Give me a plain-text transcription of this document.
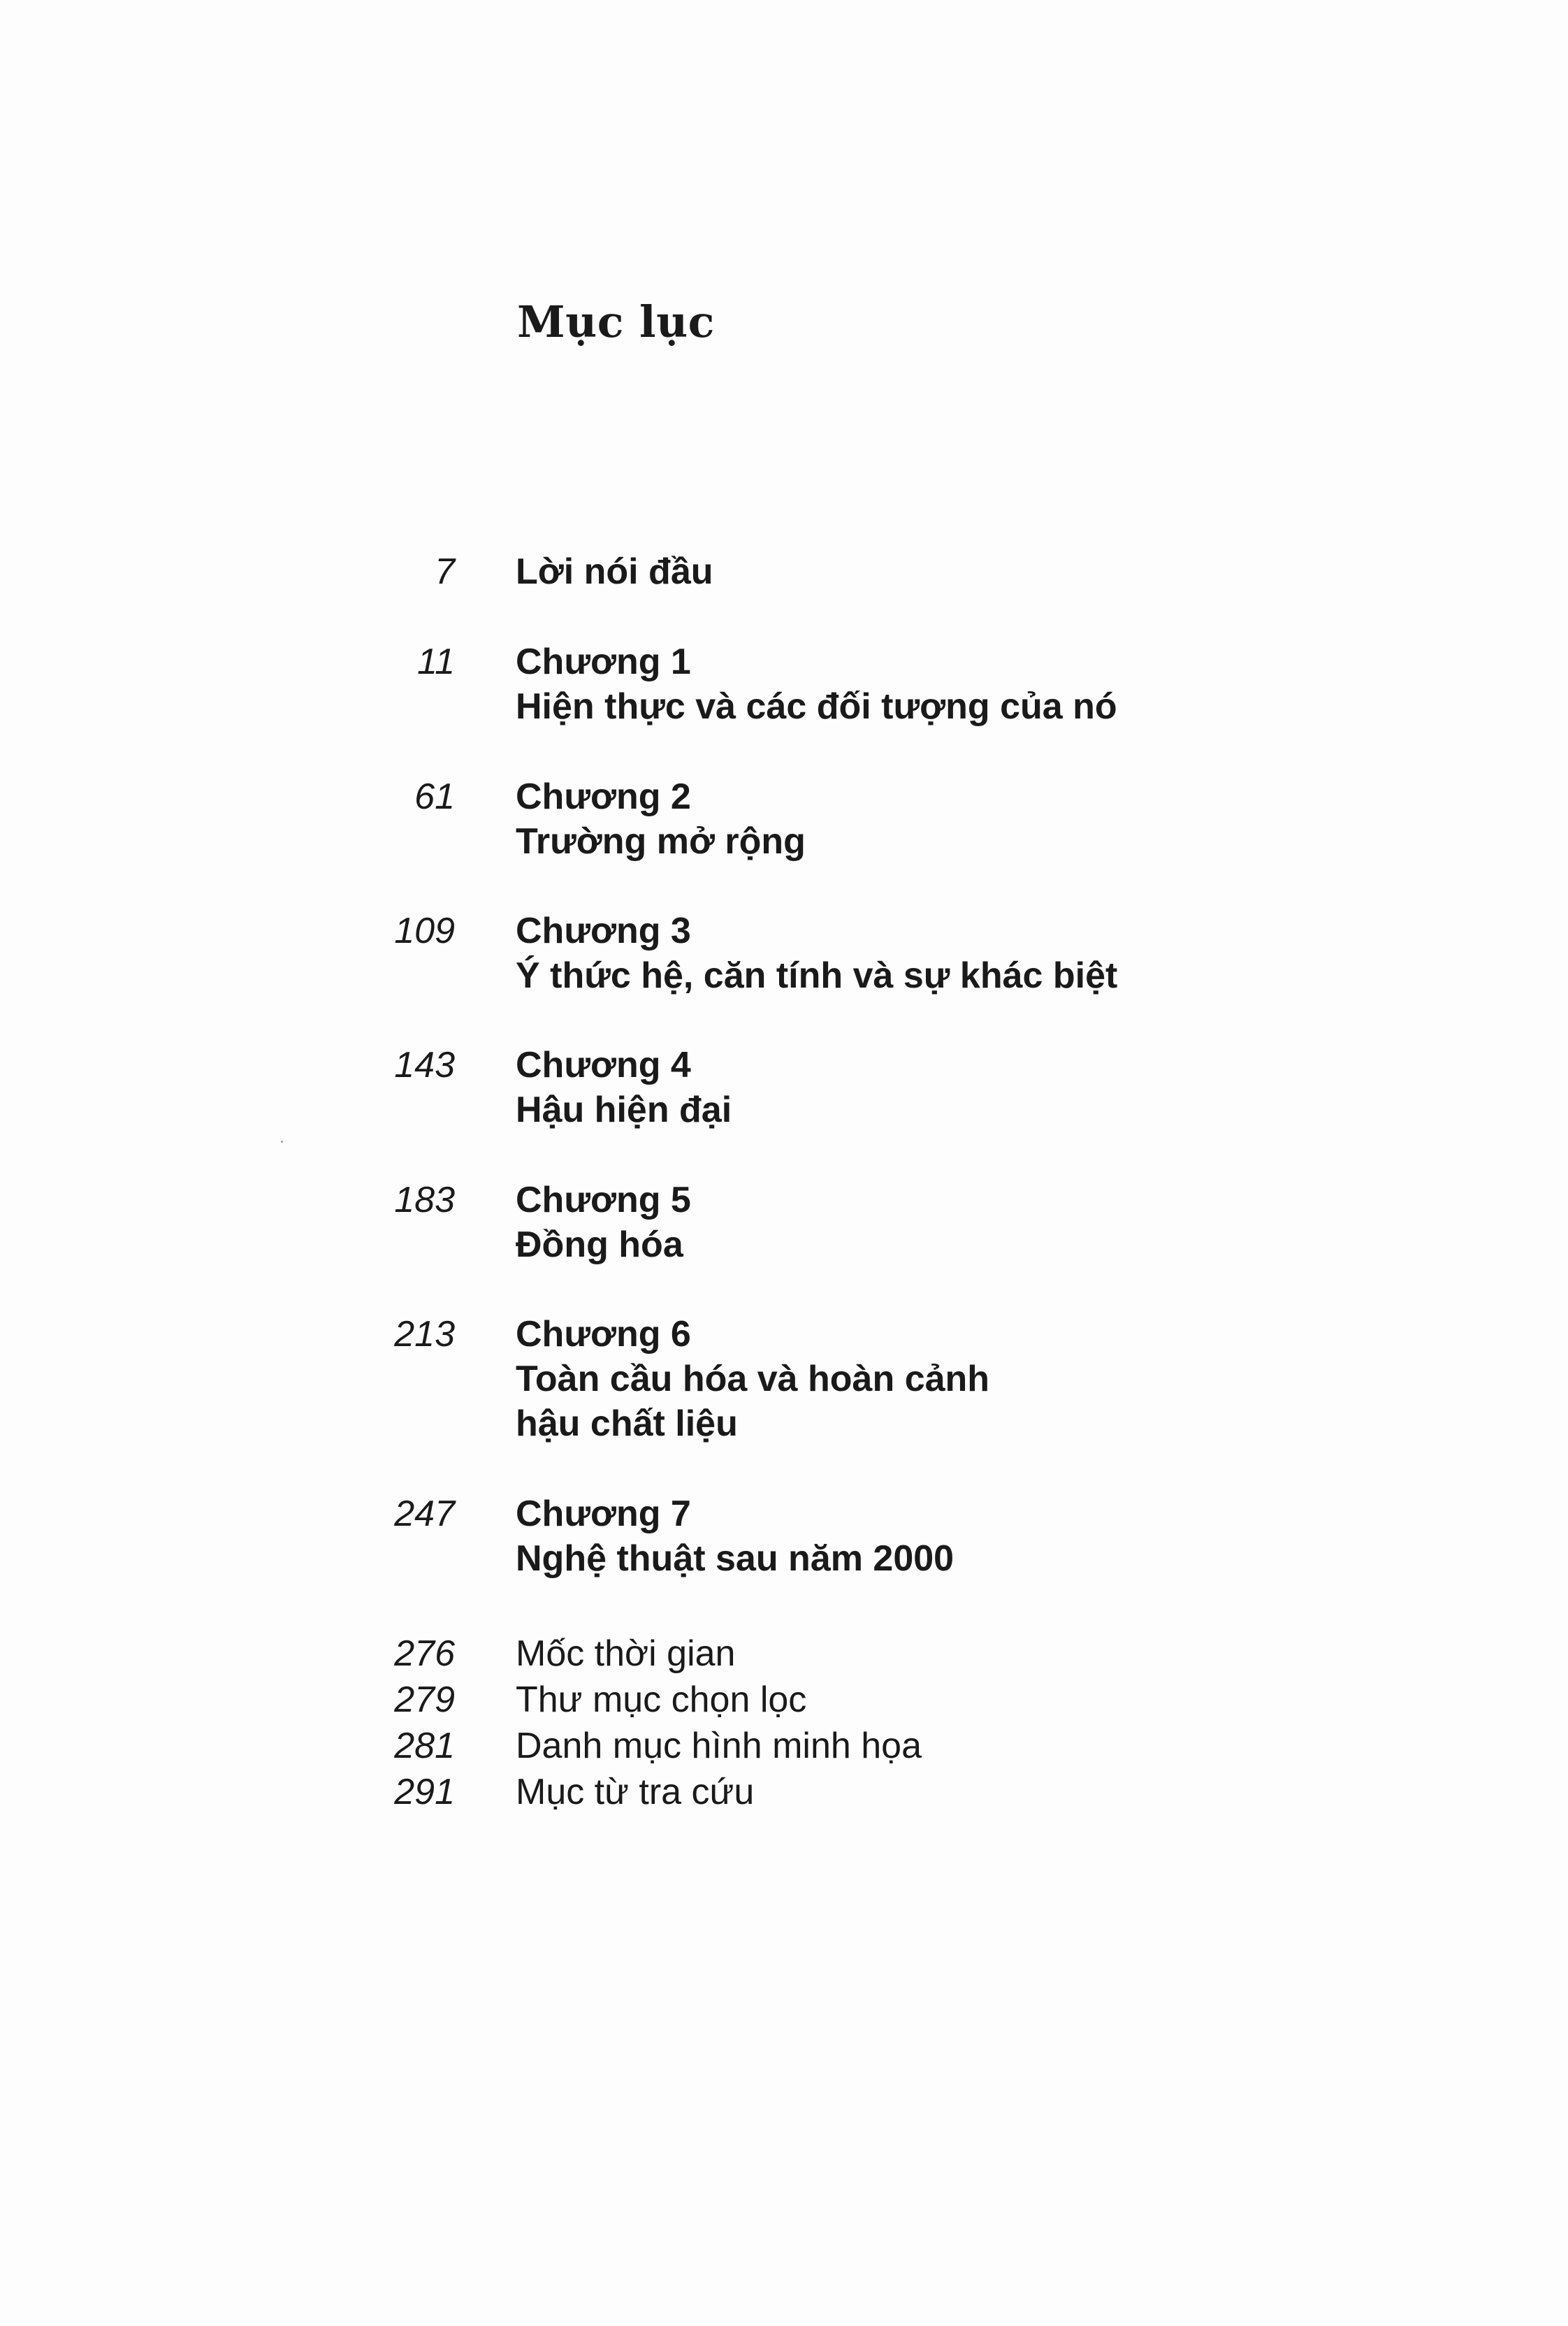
Mục lục
7 Lời nói đầu
11 Chương 1
Hiện thực và các đối tượng của nó
61 Chương 2
Trường mở rộng
109 Chương 3
Ý thức hệ, căn tính và sự khác biệt
143 Chương 4
Hậu hiện đại
183 Chương 5
Đồng hóa
213 Chương 6
Toàn cầu hóa và hoàn cảnh
hậu chất liệu
247 Chương 7
Nghệ thuật sau năm 2000
276 Mốc thời gian
279 Thư mục chọn lọc
281 Danh mục hình minh họa
291 Mục từ tra cứu
